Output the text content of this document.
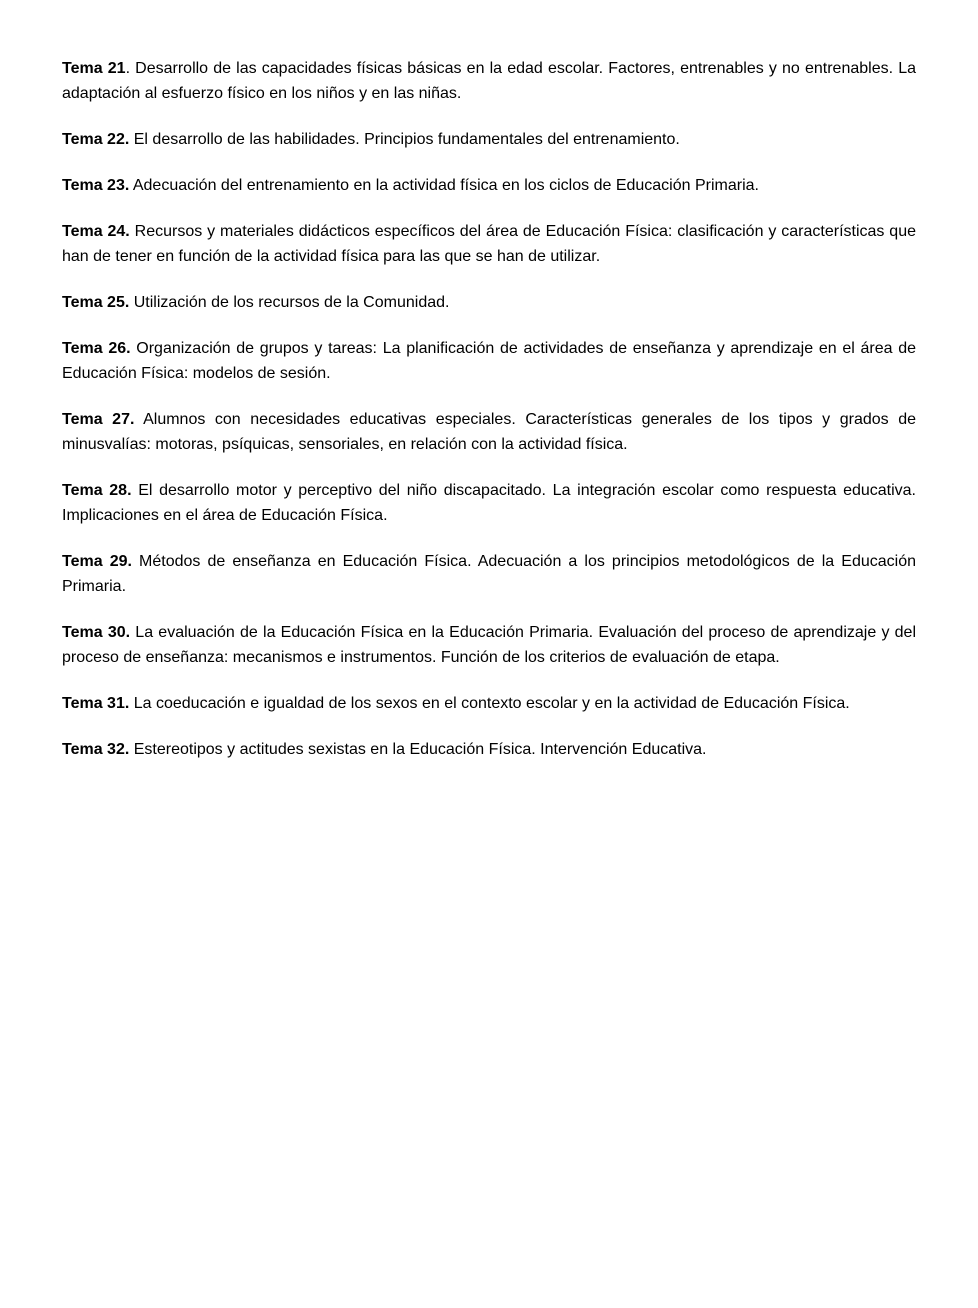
Tema 21. Desarrollo de las capacidades físicas básicas en la edad escolar. Factores, entrenables y no entrenables. La adaptación al esfuerzo físico en los niños y en las niñas.

Tema 22. El desarrollo de las habilidades. Principios fundamentales del entrenamiento.

Tema 23. Adecuación del entrenamiento en la actividad física en los ciclos de Educación Primaria.

Tema 24. Recursos y materiales didácticos específicos del área de Educación Física: clasificación y características que han de tener en función de la actividad física para las que se han de utilizar.

Tema 25. Utilización de los recursos de la Comunidad.

Tema 26. Organización de grupos y tareas: La planificación de actividades de enseñanza y aprendizaje en el área de Educación Física: modelos de sesión.

Tema 27. Alumnos con necesidades educativas especiales. Características generales de los tipos y grados de minusvalías: motoras, psíquicas, sensoriales, en relación con la actividad física.

Tema 28. El desarrollo motor y perceptivo del niño discapacitado. La integración escolar como respuesta educativa. Implicaciones en el área de Educación Física.

Tema 29. Métodos de enseñanza en Educación Física. Adecuación a los principios metodológicos de la Educación Primaria.

Tema 30. La evaluación de la Educación Física en la Educación Primaria. Evaluación del proceso de aprendizaje y del proceso de enseñanza: mecanismos e instrumentos. Función de los criterios de evaluación de etapa.

Tema 31. La coeducación e igualdad de los sexos en el contexto escolar y en la actividad de Educación Física.

Tema 32. Estereotipos y actitudes sexistas en la Educación Física. Intervención Educativa.
